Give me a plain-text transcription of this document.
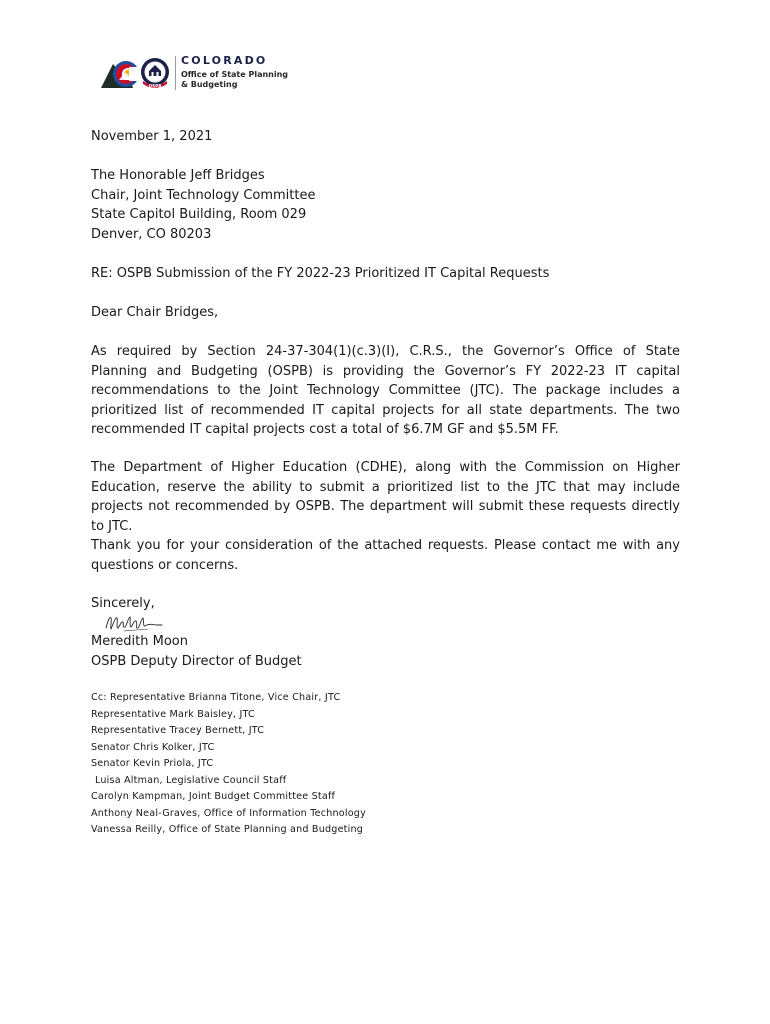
OSPB
COLORADO
Office of State Planning
& Budgeting
November 1, 2021
The Honorable Jeff Bridges
Chair, Joint Technology Committee
State Capitol Building, Room 029
Denver, CO 80203
RE: OSPB Submission of the FY 2022-23 Prioritized IT Capital Requests
Dear Chair Bridges,
As required by Section 24-37-304(1)(c.3)(I), C.R.S., the Governor’s Office of State Planning and Budgeting (OSPB) is providing the Governor’s FY 2022-23 IT capital recommendations to the Joint Technology Committee (JTC). The package includes a prioritized list of recommended IT capital projects for all state departments. The two recommended IT capital projects cost a total of $6.7M GF and $5.5M FF.
The Department of Higher Education (CDHE), along with the Commission on Higher Education, reserve the ability to submit a prioritized list to the JTC that may include projects not recommended by OSPB. The department will submit these requests directly to JTC.
Thank you for your consideration of the attached requests. Please contact me with any questions or concerns.
Sincerely,
Meredith Moon
OSPB Deputy Director of Budget
Cc: Representative Brianna Titone, Vice Chair, JTC
Representative Mark Baisley, JTC
Representative Tracey Bernett, JTC
Senator Chris Kolker, JTC
Senator Kevin Priola, JTC
Luisa Altman, Legislative Council Staff
Carolyn Kampman, Joint Budget Committee Staff
Anthony Neal-Graves, Office of Information Technology
Vanessa Reilly, Office of State Planning and Budgeting
